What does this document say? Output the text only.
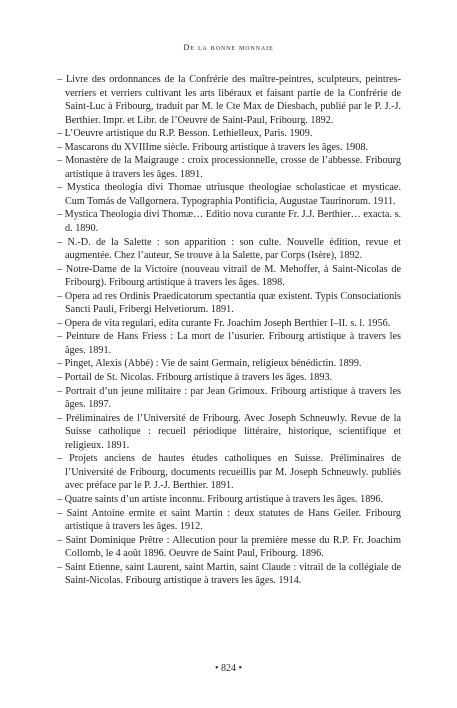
De la bonne monnaie
– Livre des ordonnances de la Confrérie des maître-peintres, sculpteurs, peintres-verriers et verriers cultivant les arts libéraux et faisant partie de la Confrérie de Saint-Luc à Fribourg, traduit par M. le Cte Max de Diesbach, publié par le P. J.-J. Berthier. Impr. et Libr. de l’Oeuvre de Saint-Paul, Fribourg. 1892.
– L’Oeuvre artistique du R.P. Besson. Lethielleux, Paris. 1909.
– Mascarons du XVIIIme siècle. Fribourg artistique à travers les âges. 1908.
– Monastère de la Maigrauge : croix processionnelle, crosse de l’abbesse. Fribourg artistique à travers les âges. 1891.
– Mystica theologia divi Thomae utriusque theologiae scholasticae et mysticae. Cum Tomás de Vallgornera. Typographia Pontificia, Augustae Taurinorum. 1911.
– Mystica Theologia divi Thomæ… Editio nova curante Fr. J.J. Berthier… exacta. s. d. 1890.
– N.-D. de la Salette : son apparition : son culte. Nouvelle édition, revue et augmentée. Chez l’auteur, Se trouve à la Salette, par Corps (Isère), 1892.
– Notre-Dame de la Victoire (nouveau vitrail de M. Mehoffer, à Saint-Nicolas de Fribourg). Fribourg artistique à travers les âges. 1898.
– Opera ad res Ordinis Praedicatorum spectantia quæ existent. Typis Consociationis Sancti Pauli, Fribergi Helvetiorum. 1891.
– Opera de vita regulari, edita curante Fr. Joachim Joseph Berthier I–II. s. l. 1956.
– Peinture de Hans Friess : La mort de l’usurier. Fribourg artistique à travers les âges. 1891.
– Pinget, Alexis (Abbé) : Vie de saint Germain, religieux bénédictin. 1899.
– Portail de St. Nicolas. Fribourg artistique à travers les âges. 1893.
– Portrait d’un jeune militaire : par Jean Grimoux. Fribourg artistique à travers les âges. 1897.
– Préliminaires de l’Université de Fribourg. Avec Joseph Schneuwly. Revue de la Suisse catholique : recueil périodique littéraire, historique, scientifique et religieux. 1891.
– Projets anciens de hautes études catholiques en Suisse. Préliminaires de l’Université de Fribourg, documents recueillis par M. Joseph Schneuwly. publiés avec préface par le P. J.-J. Berthier. 1891.
– Quatre saints d’un artiste inconnu. Fribourg artistique à travers les âges. 1896.
– Saint Antoine ermite et saint Martin : deux statutes de Hans Geiler. Fribourg artistique à travers les âges. 1912.
– Saint Dominique Prêtre : Allecution pour la première messe du R.P. Fr. Joachim Collomb, le 4 août 1896. Oeuvre de Saint Paul, Fribourg. 1896.
– Saint Etienne, saint Laurent, saint Martin, saint Claude : vitrail de la collégiale de Saint-Nicolas. Fribourg artistique à travers les âges. 1914.
• 824 •
